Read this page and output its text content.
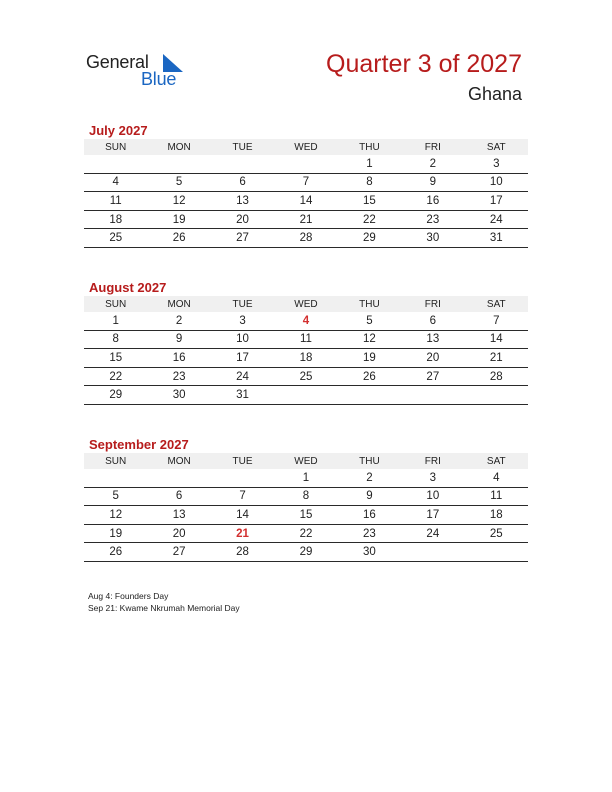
General
Blue
Quarter 3 of 2027
Ghana
July 2027
SUN	MON	TUE	WED	THU	FRI	SAT
				1	2	3
4	5	6	7	8	9	10
11	12	13	14	15	16	17
18	19	20	21	22	23	24
25	26	27	28	29	30	31
August 2027
SUN	MON	TUE	WED	THU	FRI	SAT
1	2	3	4	5	6	7
8	9	10	11	12	13	14
15	16	17	18	19	20	21
22	23	24	25	26	27	28
29	30	31				
September 2027
SUN	MON	TUE	WED	THU	FRI	SAT
			1	2	3	4
5	6	7	8	9	10	11
12	13	14	15	16	17	18
19	20	21	22	23	24	25
26	27	28	29	30		
Aug 4: Founders Day
Sep 21: Kwame Nkrumah Memorial Day
